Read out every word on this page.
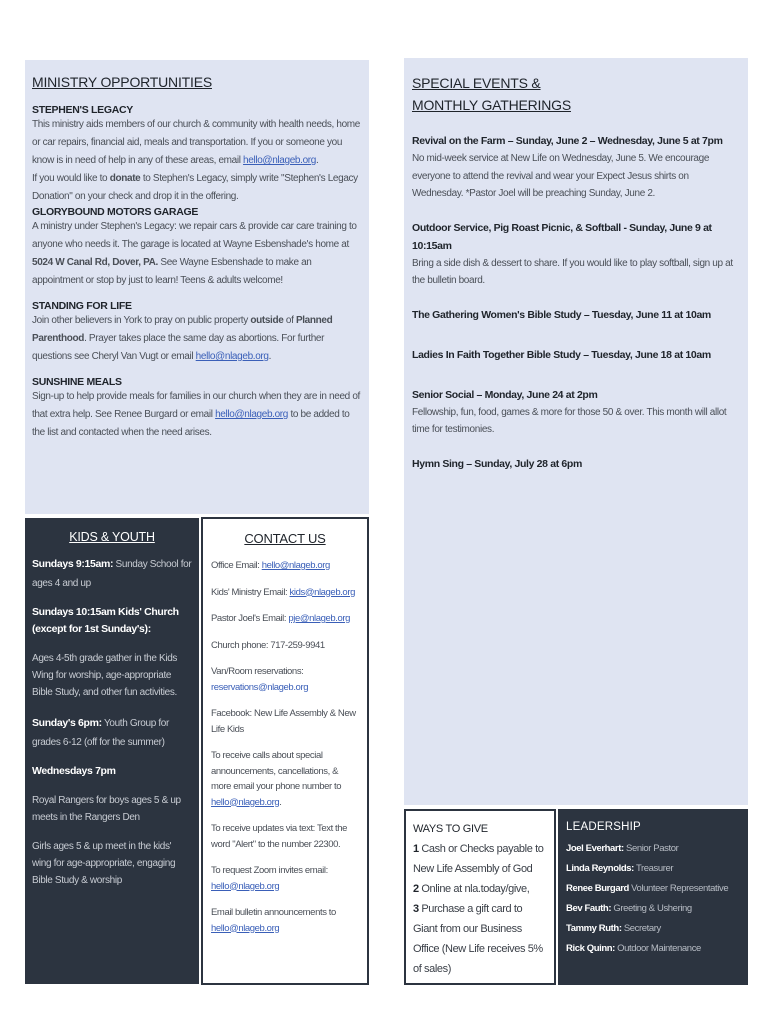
MINISTRY OPPORTUNITIES
STEPHEN'S LEGACY
This ministry aids members of our church & community with health needs, home or car repairs, financial aid, meals and transportation. If you or someone you know is in need of help in any of these areas, email hello@nlageb.org.
If you would like to donate to Stephen's Legacy, simply write "Stephen's Legacy Donation" on your check and drop it in the offering.
GLORYBOUND MOTORS GARAGE
A ministry under Stephen's Legacy: we repair cars & provide car care training to anyone who needs it. The garage is located at Wayne Esbenshade's home at 5024 W Canal Rd, Dover, PA. See Wayne Esbenshade to make an appointment or stop by just to learn! Teens & adults welcome!
STANDING FOR LIFE
Join other believers in York to pray on public property outside of Planned Parenthood. Prayer takes place the same day as abortions. For further questions see Cheryl Van Vugt or email hello@nlageb.org.
SUNSHINE MEALS
Sign-up to help provide meals for families in our church when they are in need of that extra help. See Renee Burgard or email hello@nlageb.org to be added to the list and contacted when the need arises.
SPECIAL EVENTS &
MONTHLY GATHERINGS
Revival on the Farm – Sunday, June 2 – Wednesday, June 5 at 7pm
No mid-week service at New Life on Wednesday, June 5. We encourage everyone to attend the revival and wear your Expect Jesus shirts on Wednesday. *Pastor Joel will be preaching Sunday, June 2.
Outdoor Service, Pig Roast Picnic, & Softball - Sunday, June 9 at 10:15am
Bring a side dish & dessert to share. If you would like to play softball, sign up at the bulletin board.
The Gathering Women's Bible Study – Tuesday, June 11 at 10am
Ladies In Faith Together Bible Study – Tuesday, June 18 at 10am
Senior Social – Monday, June 24 at 2pm
Fellowship, fun, food, games & more for those 50 & over. This month will allot time for testimonies.
Hymn Sing – Sunday, July 28 at 6pm
KIDS & YOUTH
Sundays 9:15am: Sunday School for ages 4 and up
Sundays 10:15am Kids' Church (except for 1st Sunday's):
Ages 4-5th grade gather in the Kids Wing for worship, age-appropriate Bible Study, and other fun activities.
Sunday's 6pm: Youth Group for grades 6-12 (off for the summer)
Wednesdays 7pm
Royal Rangers for boys ages 5 & up meets in the Rangers Den
Girls ages 5 & up meet in the kids' wing for age-appropriate, engaging Bible Study & worship
CONTACT US
Office Email: hello@nlageb.org
Kids' Ministry Email: kids@nlageb.org
Pastor Joel's Email: pje@nlageb.org
Church phone: 717-259-9941
Van/Room reservations:
reservations@nlageb.org
Facebook: New Life Assembly & New Life Kids
To receive calls about special announcements, cancellations, & more email your phone number to
hello@nlageb.org.
To receive updates via text: Text the word "Alert" to the number 22300.
To request Zoom invites email:
hello@nlageb.org
Email bulletin announcements to
hello@nlageb.org
WAYS TO GIVE
1 Cash or Checks payable to New Life Assembly of God
2 Online at nla.today/give,
3 Purchase a gift card to Giant from our Business Office (New Life receives 5% of sales)
LEADERSHIP
Joel Everhart: Senior Pastor
Linda Reynolds: Treasurer
Renee Burgard Volunteer Representative
Bev Fauth: Greeting & Ushering
Tammy Ruth: Secretary
Rick Quinn: Outdoor Maintenance
